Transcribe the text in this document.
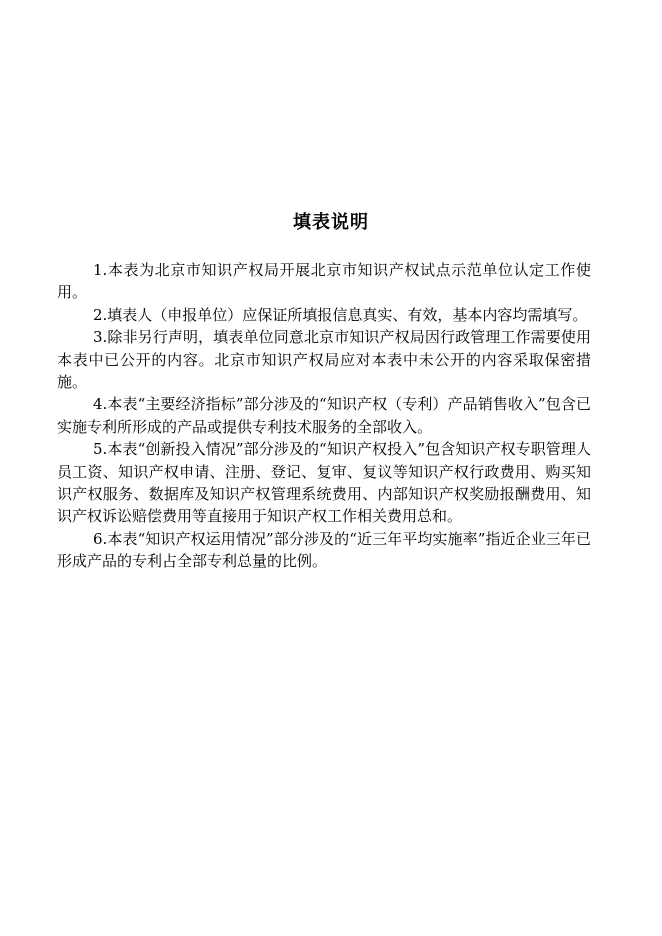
填表说明

1.本表为北京市知识产权局开展北京市知识产权试点示范单位认定工作使用。

2.填表人（申报单位）应保证所填报信息真实、有效，基本内容均需填写。

3.除非另行声明，填表单位同意北京市知识产权局因行政管理工作需要使用本表中已公开的内容。北京市知识产权局应对本表中未公开的内容采取保密措施。

4.本表“主要经济指标”部分涉及的“知识产权（专利）产品销售收入”包含已实施专利所形成的产品或提供专利技术服务的全部收入。

5.本表“创新投入情况”部分涉及的“知识产权投入”包含知识产权专职管理人员工资、知识产权申请、注册、登记、复审、复议等知识产权行政费用、购买知识产权服务、数据库及知识产权管理系统费用、内部知识产权奖励报酬费用、知识产权诉讼赔偿费用等直接用于知识产权工作相关费用总和。

6.本表“知识产权运用情况”部分涉及的“近三年平均实施率”指近企业三年已形成产品的专利占全部专利总量的比例。
